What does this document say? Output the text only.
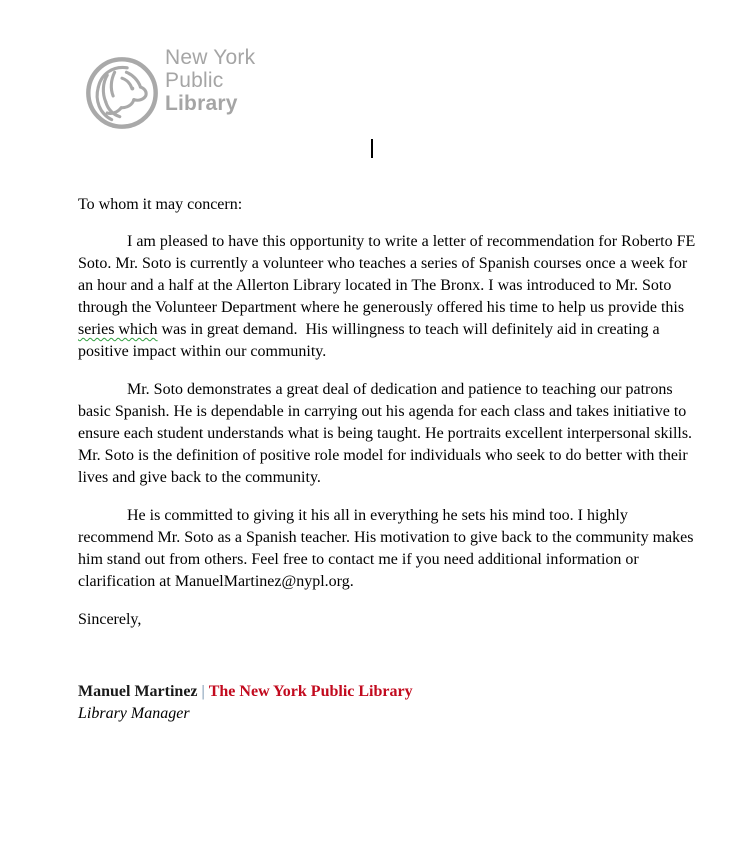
New York
Public
Library

To whom it may concern:

I am pleased to have this opportunity to write a letter of recommendation for Roberto FE
Soto. Mr. Soto is currently a volunteer who teaches a series of Spanish courses once a week for
an hour and a half at the Allerton Library located in The Bronx. I was introduced to Mr. Soto
through the Volunteer Department where he generously offered his time to help us provide this
series which was in great demand.  His willingness to teach will definitely aid in creating a
positive impact within our community.

Mr. Soto demonstrates a great deal of dedication and patience to teaching our patrons
basic Spanish. He is dependable in carrying out his agenda for each class and takes initiative to
ensure each student understands what is being taught. He portraits excellent interpersonal skills.
Mr. Soto is the definition of positive role model for individuals who seek to do better with their
lives and give back to the community.

He is committed to giving it his all in everything he sets his mind too. I highly
recommend Mr. Soto as a Spanish teacher. His motivation to give back to the community makes
him stand out from others. Feel free to contact me if you need additional information or
clarification at ManuelMartinez@nypl.org.

Sincerely,

Manuel Martinez | The New York Public Library
Library Manager
